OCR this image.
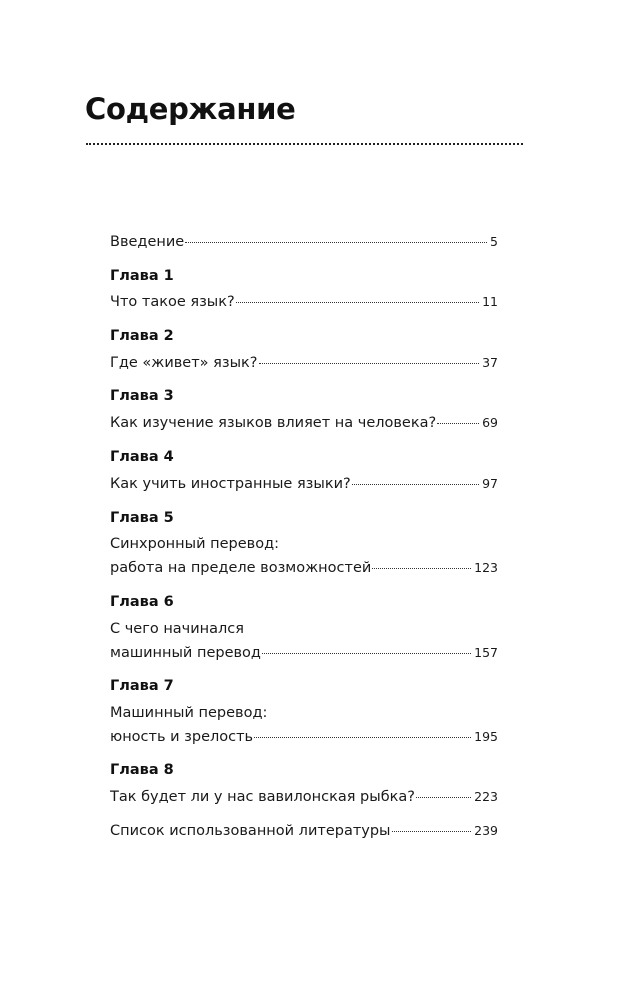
Содержание
Введение	5
Глава 1
Что такое язык?	11
Глава 2
Где «живет» язык?	37
Глава 3
Как изучение языков влияет на человека?	69
Глава 4
Как учить иностранные языки?	97
Глава 5
Синхронный перевод:
работа на пределе возможностей	123
Глава 6
С чего начинался
машинный перевод	157
Глава 7
Машинный перевод:
юность и зрелость	195
Глава 8
Так будет ли у нас вавилонская рыбка?	223
Список использованной литературы	239
